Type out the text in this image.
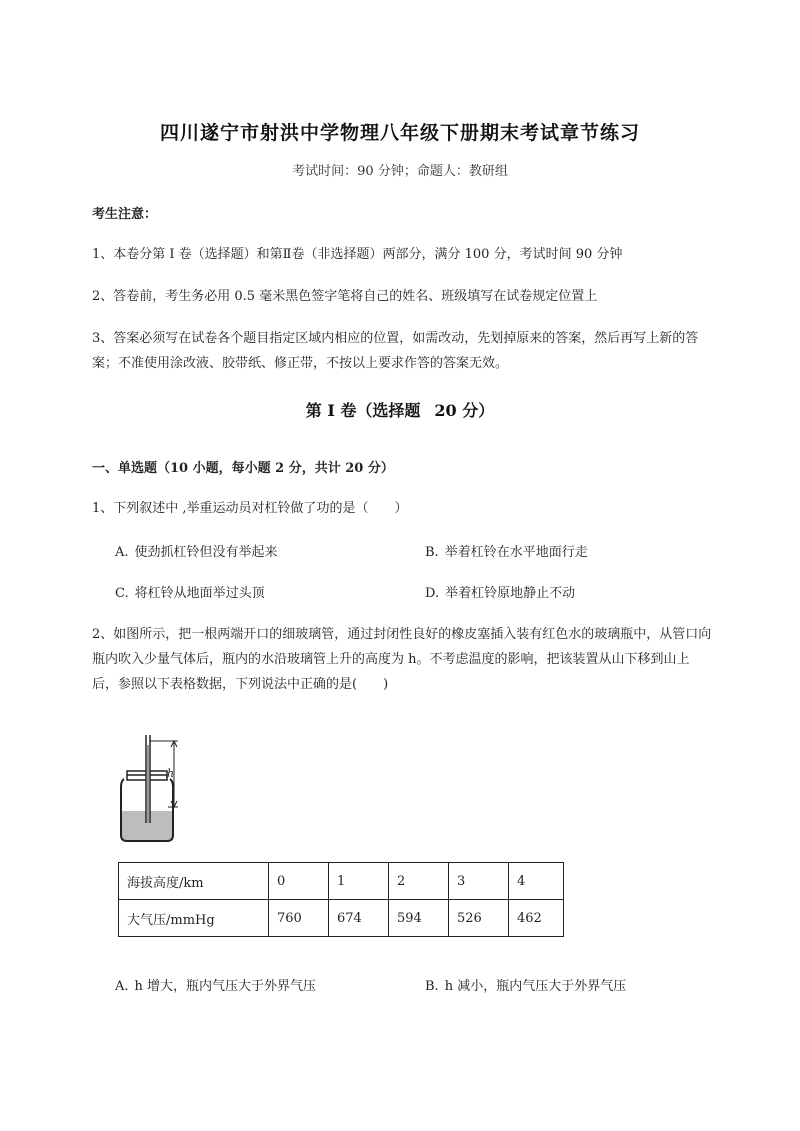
四川遂宁市射洪中学物理八年级下册期末考试章节练习
考试时间：90 分钟；命题人：教研组
考生注意：
1、本卷分第 I 卷（选择题）和第Ⅱ卷（非选择题）两部分，满分 100 分，考试时间 90 分钟
2、答卷前，考生务必用 0.5 毫米黑色签字笔将自己的姓名、班级填写在试卷规定位置上
3、答案必须写在试卷各个题目指定区域内相应的位置，如需改动，先划掉原来的答案，然后再写上新的答案；不准使用涂改液、胶带纸、修正带，不按以上要求作答的答案无效。
第 I 卷（选择题 20 分）
一、单选题（10 小题，每小题 2 分，共计 20 分）
1、下列叙述中 ,举重运动员对杠铃做了功的是（　　）
A. 使劲抓杠铃但没有举起来	B. 举着杠铃在水平地面行走
C. 将杠铃从地面举过头顶	D. 举着杠铃原地静止不动
2、如图所示，把一根两端开口的细玻璃管，通过封闭性良好的橡皮塞插入装有红色水的玻璃瓶中，从管口向瓶内吹入少量气体后，瓶内的水沿玻璃管上升的高度为 h。不考虑温度的影响，把该装置从山下移到山上后，参照以下表格数据，下列说法中正确的是(　　)
h
海拔高度/km	0	1	2	3	4
大气压/mmHg	760	674	594	526	462
A. h 增大，瓶内气压大于外界气压	B. h 减小，瓶内气压大于外界气压
